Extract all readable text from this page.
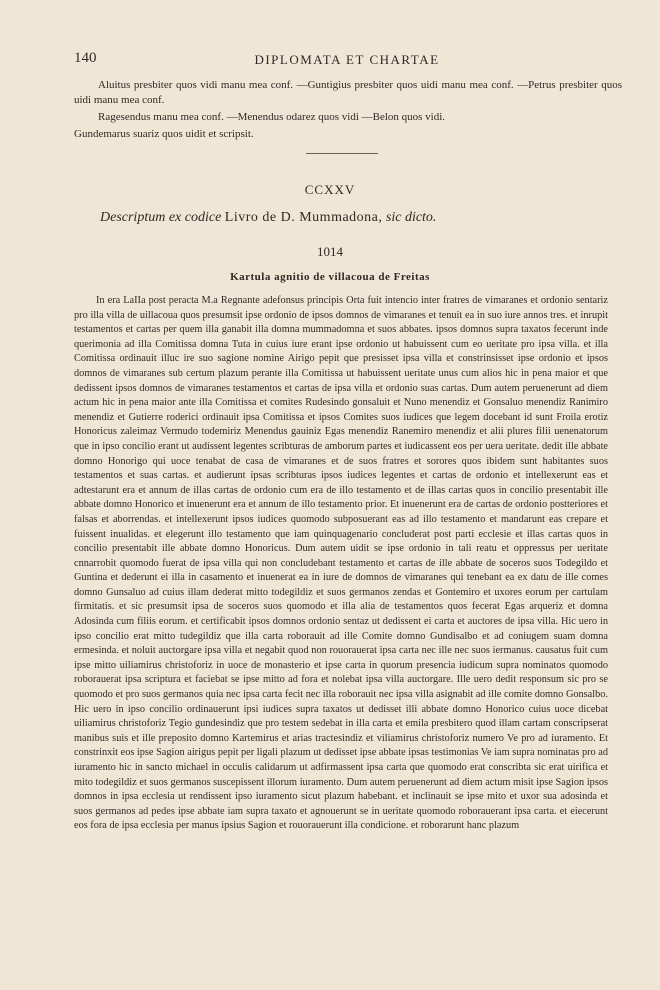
140	DIPLOMATA ET CHARTAE

Aluitus presbiter quos vidi manu mea conf. —Guntigius presbiter quos uidi manu mea conf. —Petrus presbiter quos uidi manu mea conf.

Ragesendus manu mea conf. —Menendus odarez quos vidi —Belon quos vidi.

Gundemarus suariz quos uidit et scripsit.

CCXXV
Descriptum ex codice Livro de D. Mummadona, sic dicto.
1014
Kartula agnitio de villacoua de Freitas

In era LaIIa post peracta M.a Regnante adefonsus principis Orta fuit intencio inter fratres de vimaranes et ordonio sentariz pro illa villa de uillacoua quos presumsit ipse ordonio de ipsos domnos de vimaranes et tenuit ea in suo iure annos tres. et inrupit testamentos et cartas per quem illa ganabit illa domna mummadomna et suos abbates. ipsos domnos supra taxatos fecerunt inde querimonia ad illa Comitissa domna Tuta in cuius iure erant ipse ordonio ut habuissent cum eo ueritate pro ipsa villa. et illa Comitissa ordinauit illuc ire suo sagione nomine Airigo pepit que presisset ipsa villa et constrinsisset ipse ordonio et ipsos domnos de vimaranes sub certum plazum perante illa Comitissa ut habuissent ueritate unus cum alios hic in pena maior et que dedissent ipsos domnos de vimaranes testamentos et cartas de ipsa villa et ordonio suas cartas. Dum autem peruenerunt ad diem actum hic in pena maior ante illa Comitissa et comites Rudesindo gonsaluit et Nuno menendiz et Gonsaluo menendiz Ranimiro menendiz et Gutierre roderici ordinauit ipsa Comitissa et ipsos Comites suos iudices que legem docebant id sunt Froila erotiz Honoricus zaleimaz Vermudo todemiriz Menendus gauiniz Egas menendiz Ranemiro menendiz et alii plures filii uenenatorum que in ipso concilio erant ut audissent legentes scribturas de amborum partes et iudicassent eos per uera ueritate. dedit ille abbate domno Honorigo qui uoce tenabat de casa de vimaranes et de suos fratres et sorores quos ibidem sunt habitantes suos testamentos et suas cartas. et audierunt ipsas scribturas ipsos iudices legentes et cartas de ordonio et intellexerunt eas et adtestarunt era et annum de illas cartas de ordonio cum era de illo testamento et de illas cartas quos in concilio presentabit ille abbate domno Honorico et inuenerunt era et annum de illo testamento prior. Et inuenerunt era de cartas de ordonio postteriores et falsas et aborrendas. et intellexerunt ipsos iudices quomodo subposuerant eas ad illo testamento et mandarunt eas crepare et fuissent inualidas. et elegerunt illo testamento que iam quinquagenario concluderat post parti ecclesie et illas cartas quos in concilio presentabit ille abbate domno Honoricus. Dum autem uidit se ipse ordonio in tali reatu et oppressus per ueritate cnnarrobit quomodo fuerat de ipsa villa qui non concludebant testamento et cartas de ille abbate de soceros suos Todegildo et Guntina et dederunt ei illa in casamento et inuenerat ea in iure de domnos de vimaranes qui tenebant ea ex datu de ille comes domno Gunsaluo ad cuius illam dederat mitto todegildiz et suos germanos zendas et Gontemiro et uxores eorum per cartulam firmitatis. et sic presumsit ipsa de soceros suos quomodo et illa alia de testamentos quos fecerat Egas arqueriz et domna Adosinda cum filiis eorum. et certificabit ipsos domnos ordonio sentaz ut dedissent ei carta et auctores de ipsa villa. Hic uero in ipso concilio erat mitto tudegildiz que illa carta roborauit ad ille Comite domno Gundisalbo et ad coniugem suam domna ermesinda. et noluit auctorgare ipsa villa et negabit quod non rouorauerat ipsa carta nec ille nec suos iermanus. causatus fuit cum ipse mitto uiliamirus christoforiz in uoce de monasterio et ipse carta in quorum presencia iudicum supra nominatos quomodo roborauerat ipsa scriptura et faciebat se ipse mitto ad fora et nolebat ipsa villa auctorgare. Ille uero dedit responsum sic pro se quomodo et pro suos germanos quia nec ipsa carta fecit nec illa roborauit nec ipsa villa asignabit ad ille comite domno Gonsalbo. Hic uero in ipso concilio ordinauerunt ipsi iudices supra taxatos ut dedisset illi abbate domno Honorico cuius uoce dicebat uiliamirus christoforiz Tegio gundesindiz que pro testem sedebat in illa carta et emila presbitero quod illam cartam conscripserat manibus suis et ille preposito domno Kartemirus et arias tractesindiz et viliamirus christoforiz numero Ve pro ad iuramento. Et constrinxit eos ipse Sagion airigus pepit per ligali plazum ut dedisset ipse abbate ipsas testimonias Ve iam supra nominatas pro ad iuramento hic in sancto michael in occulis calidarum ut adfirmassent ipsa carta que quomodo erat conscribta sic erat uirifica et mito todegildiz et suos germanos suscepissent illorum iuramento. Dum autem peruenerunt ad diem actum misit ipse Sagion ipsos domnos in ipsa ecclesia ut rendissent ipso iuramento sicut plazum habebant. et inclinauit se ipse mito et uxor sua adosinda et suos germanos ad pedes ipse abbate iam supra taxato et agnouerunt se in ueritate quomodo roborauerant ipsa carta. et eiecerunt eos fora de ipsa ecclesia per manus ipsius Sagion et rouorauerunt illa condicione. et roborarunt hanc plazum
